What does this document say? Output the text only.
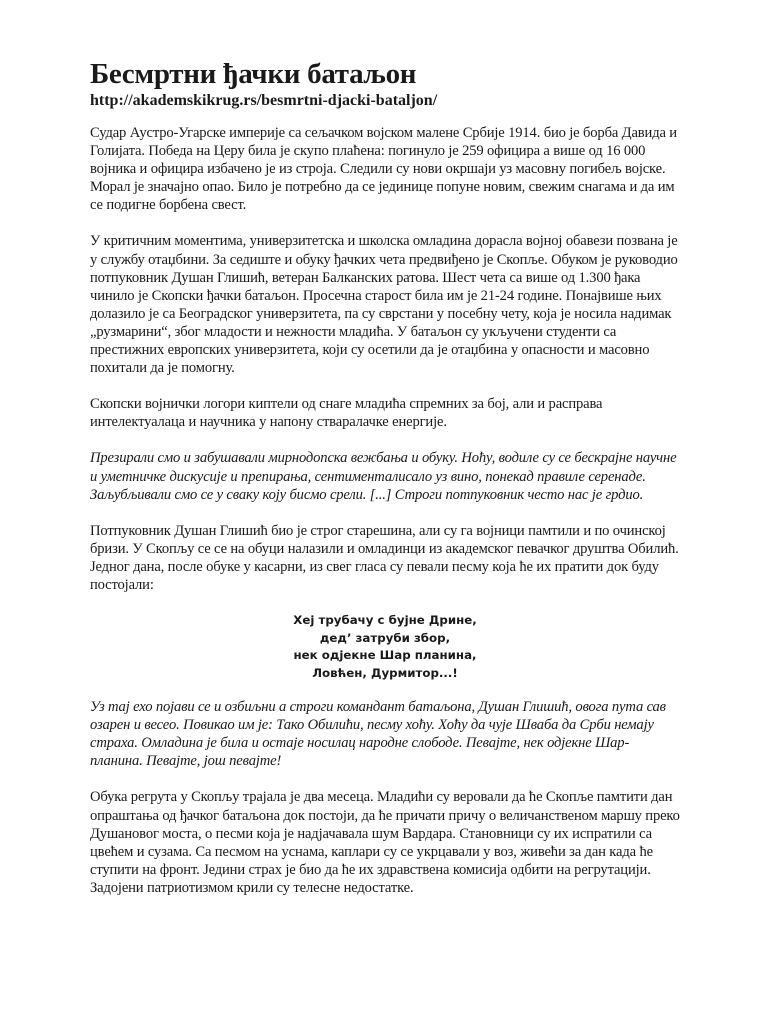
Бесмртни ђачки батаљон

http://akademskikrug.rs/besmrtni-djacki-bataljon/

Судар Аустро-Угарске империје са сељачком војском малене Србије 1914. био је борба Давида и Голијата. Победа на Церу била је скупо плаћена: погинуло је 259 официра а више од 16 000 војника и официра избачено је из строја. Следили су нови окршаји уз масовну погибељ војске. Морал је значајно опао. Било је потребно да се јединице попуне новим, свежим снагама и да им се подигне борбена свест.

У критичним моментима, универзитетска и школска омладина дорасла војној обавези позвана је у службу отаџбини. За седиште и обуку ђачких чета предвиђено је Скопље. Обуком је руководио потпуковник Душан Глишић, ветеран Балканских ратова. Шест чета са више од 1.300 ђака чинило је Скопски ђачки батаљон. Просечна старост била им је 21-24 године. Понајвише њих долазило је са Београдског универзитета, па су сврстани у посебну чету, која је носила надимак „рузмарини“, због младости и нежности младића. У батаљон су укључени студенти са престижних европских универзитета, који су осетили да је отаџбина у опасности и масовно похитали да је помогну.

Скопски војнички логори киптели од снаге младића спремних за бој, али и расправа интелектуалаца и научника у напону стваралачке енергије.

Презирали смо и забушавали мирнодопска вежбања и обуку. Ноћу, водиле су се бескрајне научне и уметничке дискусије и препирања, сентименталисало уз вино, понекад правиле серенаде. Заљубљивали смо се у сваку коју бисмо срели. [...] Строги потпуковник често нас је грдио.

Потпуковник Душан Глишић био је строг старешина, али су га војници памтили и по очинској бризи. У Скопљу се се на обуци налазили и омладинци из академског певачког друштва Обилић. Једног дана, после обуке у касарни, из свег гласа су певали песму која ће их пратити док буду постојали:

Хеј трубачу с бујне Дрине,
дед’ затруби збор,
нек одјекне Шар планина,
Ловћен, Дурмитор...!

Уз тај ехо појави се и озбиљни а строги командант батаљона, Душан Глишић, овога пута сав озарен и весео. Повикао им је: Тако Обилићи, песму хоћу. Хоћу да чује Шваба да Срби немају страха. Омладина је била и остаје носилац народне слободе. Певајте, нек одјекне Шар-планина. Певајте, још певајте!

Обука регрута у Скопљу трајала је два месеца. Младићи су веровали да ће Скопље памтити дан опраштања од ђачког батаљона док постоји, да ће причати причу о величанственом маршу преко Душановог моста, о песми која је надјачавала шум Вардара. Становници су их испратили са цвећем и сузама. Са песмом на уснама, каплари су се укрцавали у воз, живећи за дан када ће ступити на фронт. Једини страх је био да ће их здравствена комисија одбити на регрутацији. Задојени патриотизмом крили су телесне недостатке.
